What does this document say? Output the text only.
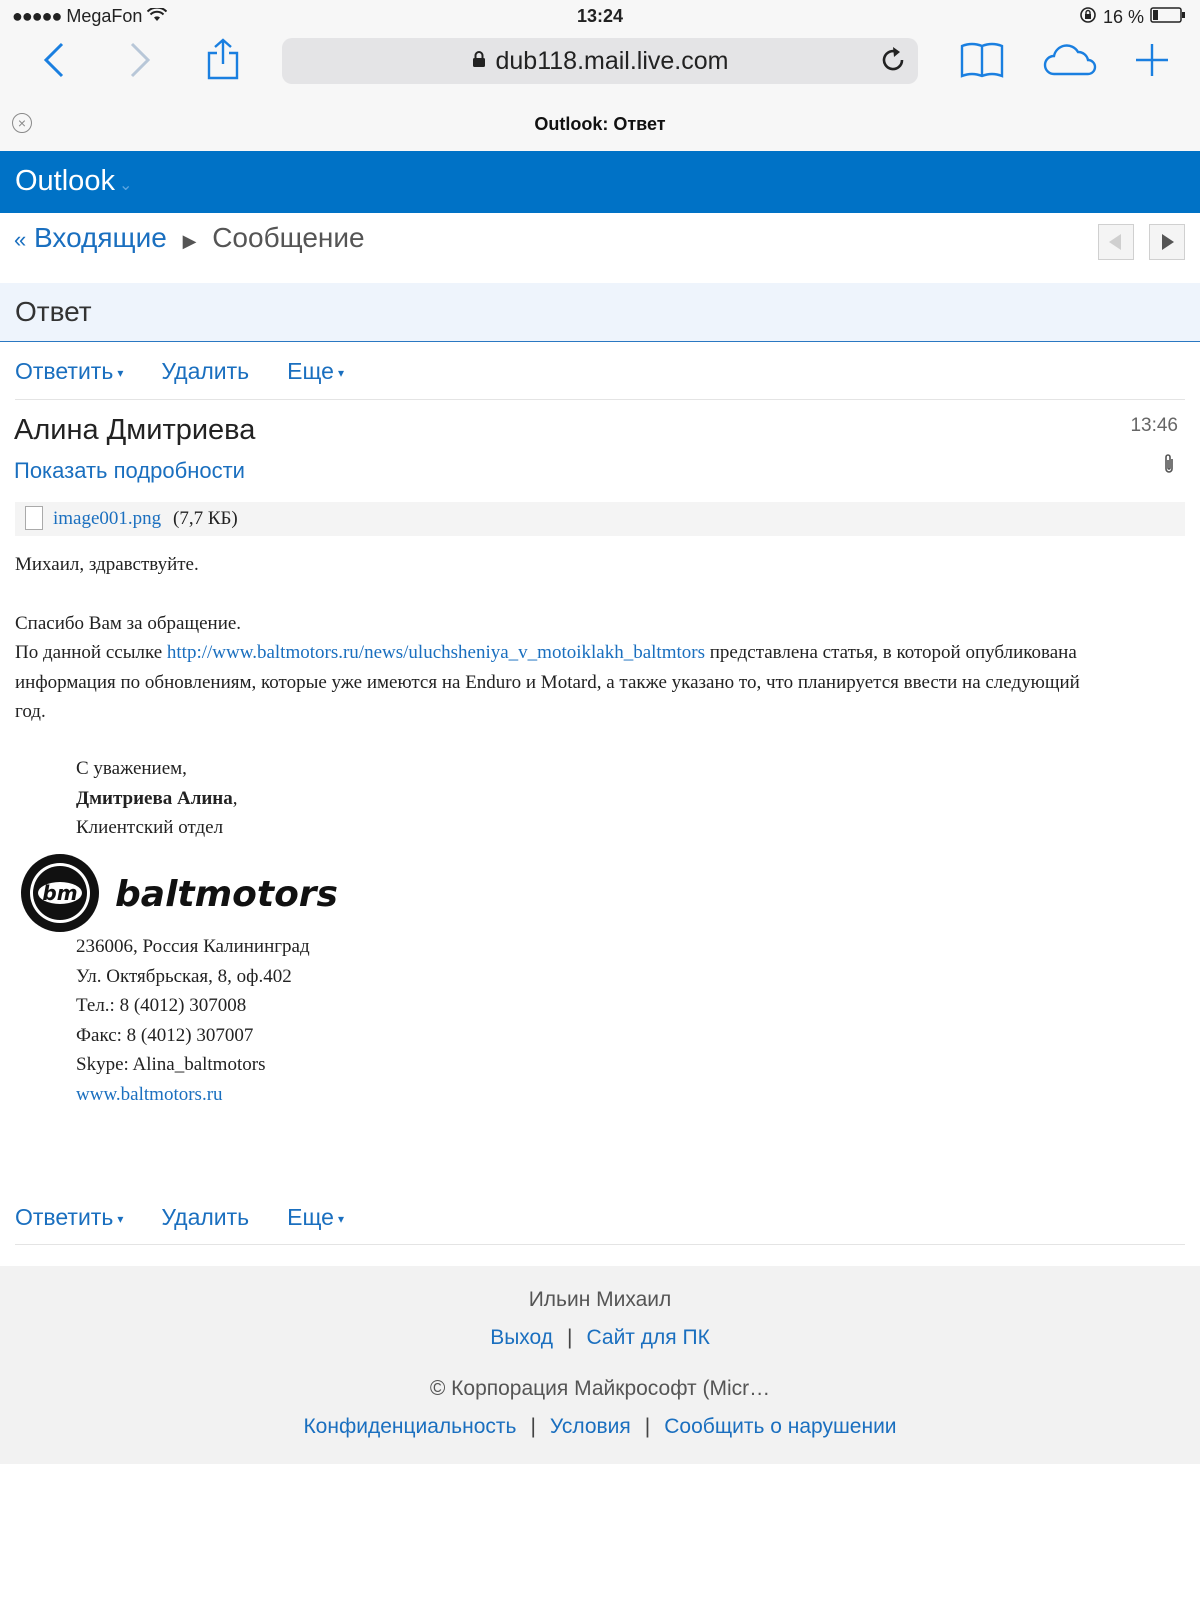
●●●●● MegaFon	13:24	16 %
dub118.mail.live.com
×	Outlook: Ответ
Outlook ⌄
« Входящие ▶ Сообщение
Ответ
Ответить ▾ Удалить Еще ▾
Алина Дмитриева
Показать подробности
13:46
image001.png (7,7 КБ)
Михаил, здравствуйте.
Спасибо Вам за обращение.
По данной ссылке http://www.baltmotors.ru/news/uluchsheniya_v_motoiklakh_baltmtors представлена статья, в которой опубликована
информация по обновлениям, которые уже имеются на Enduro и Motard, а также указано то, что планируется ввести на следующий
год.
С уважением,
Дмитриева Алина,
Клиентский отдел
bm baltmotors
236006, Россия Калининград
Ул. Октябрьская, 8, оф.402
Тел.: 8 (4012) 307008
Факс: 8 (4012) 307007
Skype: Alina_baltmotors
www.baltmotors.ru
Ответить ▾ Удалить Еще ▾
Ильин Михаил
Выход | Сайт для ПК
© Корпорация Майкрософт (Micr…
Конфиденциальность | Условия | Сообщить о нарушении
